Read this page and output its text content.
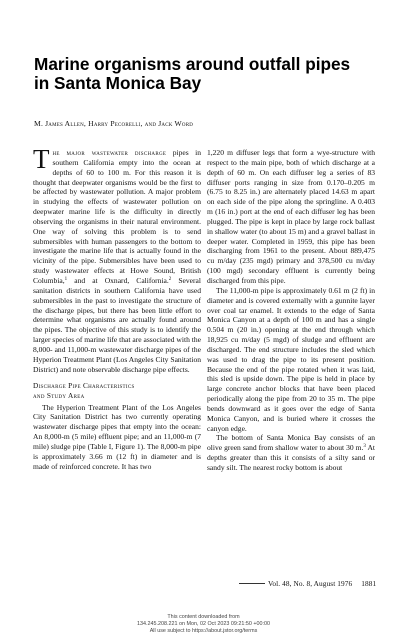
Marine organisms around outfall pipes
in Santa Monica Bay

M. James Allen, Harry Pecorelli, and Jack Word

The major wastewater discharge pipes in southern California empty into the ocean at depths of 60 to 100 m. For this reason it is thought that deepwater organisms would be the first to be affected by wastewater pollution. A major problem in studying the effects of wastewater pollution on deepwater marine life is the difficulty in directly observing the organisms in their natural environment. One way of solving this problem is to send submersibles with human passengers to the bottom to investigate the marine life that is actually found in the vicinity of the pipe. Submersibles have been used to study wastewater effects at Howe Sound, British Columbia,$^1$ and at Oxnard, California.$^2$ Several sanitation districts in southern California have used submersibles in the past to investigate the structure of the discharge pipes, but there has been little effort to determine what organisms are actually found around the pipes. The objective of this study is to identify the larger species of marine life that are associated with the 8,000- and 11,000-m wastewater discharge pipes of the Hyperion Treatment Plant (Los Angeles City Sanitation District) and note observable discharge pipe effects.

Discharge Pipe Characteristics
and Study Area

The Hyperion Treatment Plant of the Los Angeles City Sanitation District has two currently operating wastewater discharge pipes that empty into the ocean: An 8,000-m (5 mile) effluent pipe; and an 11,000-m (7 mile) sludge pipe (Table I, Figure 1). The 8,000-m pipe is approximately 3.66 m (12 ft) in diameter and is made of reinforced concrete. It has two

1,220 m diffuser legs that form a wye-structure with respect to the main pipe, both of which discharge at a depth of 60 m. On each diffuser leg a series of 83 diffuser ports ranging in size from 0.170–0.205 m (6.75 to 8.25 in.) are alternately placed 14.63 m apart on each side of the pipe along the springline. A 0.403 m (16 in.) port at the end of each diffuser leg has been plugged. The pipe is kept in place by large rock ballast in shallow water (to about 15 m) and a gravel ballast in deeper water. Completed in 1959, this pipe has been discharging from 1961 to the present. About 889,475 cu m/day (235 mgd) primary and 378,500 cu m/day (100 mgd) secondary effluent is currently being discharged from this pipe.

The 11,000-m pipe is approximately 0.61 m (2 ft) in diameter and is covered externally with a gunnite layer over coal tar enamel. It extends to the edge of Santa Monica Canyon at a depth of 100 m and has a single 0.504 m (20 in.) opening at the end through which 18,925 cu m/day (5 mgd) of sludge and effluent are discharged. The end structure includes the sled which was used to drag the pipe to its present position. Because the end of the pipe rotated when it was laid, this sled is upside down. The pipe is held in place by large concrete anchor blocks that have been placed periodically along the pipe from 20 to 35 m. The pipe bends downward as it goes over the edge of Santa Monica Canyon, and is buried where it crosses the canyon edge.

The bottom of Santa Monica Bay consists of an olive green sand from shallow water to about 30 m.$^3$ At depths greater than this it consists of a silty sand or sandy silt. The nearest rocky bottom is about

Vol. 48, No. 8, August 1976 1881
This content downloaded from
134.245.208.221 on Mon, 02 Oct 2023 09:21:50 +00:00
All use subject to https://about.jstor.org/terms
